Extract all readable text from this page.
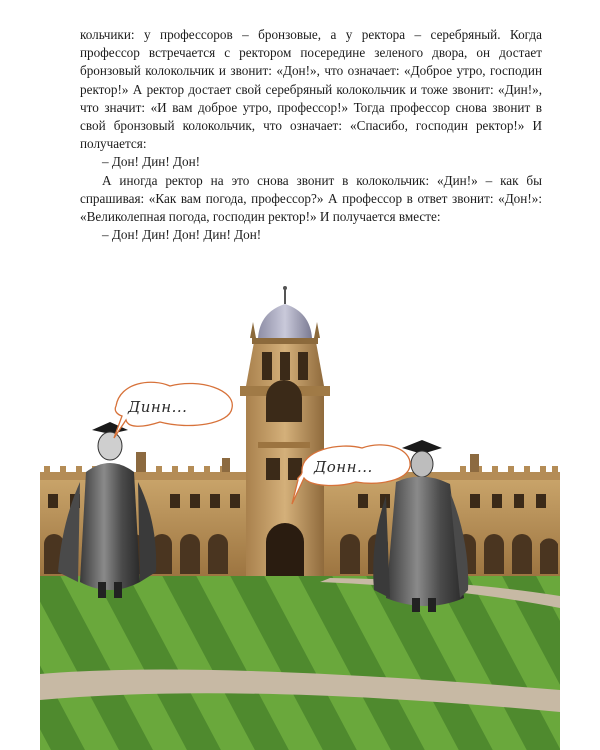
кольчики: у профессоров – бронзовые, а у ректора – серебряный. Когда профессор встречается с ректором посередине зеленого двора, он достает бронзовый колокольчик и звонит: «Дон!», что означает: «Доброе утро, господин ректор!» А ректор достает свой серебряный колокольчик и тоже звонит: «Дин!», что значит: «И вам доброе утро, профессор!» Тогда профессор снова звонит в свой бронзовый колокольчик, что означает: «Спасибо, господин ректор!» И получается:

– Дон! Дин! Дон!

А иногда ректор на это снова звонит в колокольчик: «Дин!» – как бы спрашивая: «Как вам погода, профессор?» А профессор в ответ звонит: «Дон!»: «Великолепная погода, господин ректор!» И получается вместе:

– Дон! Дин! Дон! Дин! Дон!

Динн...
Донн...
